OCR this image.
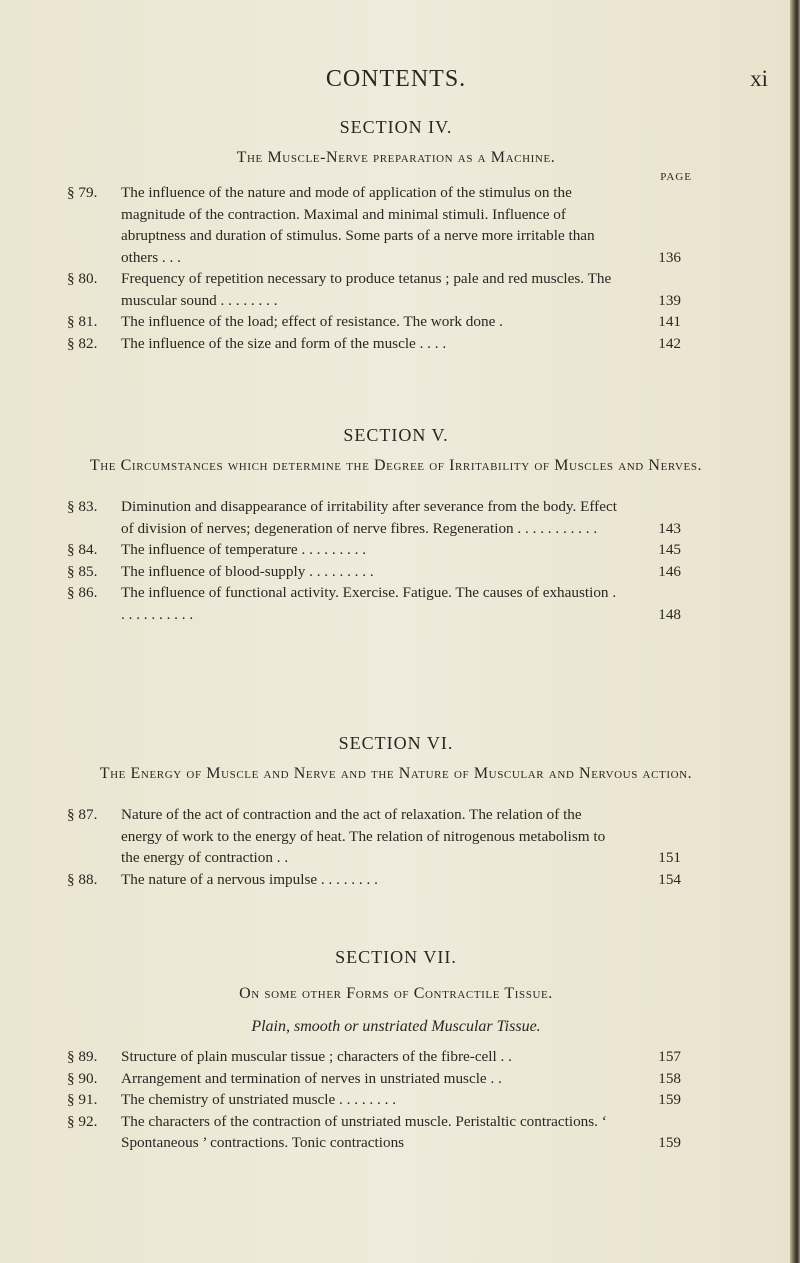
CONTENTS.	xi
SECTION IV.
The Muscle-Nerve preparation as a Machine.
PAGE
§ 79.	The influence of the nature and mode of application of the stimulus on the magnitude of the contraction. Maximal and minimal stimuli. Influence of abruptness and duration of stimulus. Some parts of a nerve more irritable than others . . .	136
§ 80.	Frequency of repetition necessary to produce tetanus ; pale and red muscles. The muscular sound . . . . . . . .	139
§ 81.	The influence of the load; effect of resistance. The work done .	141
§ 82.	The influence of the size and form of the muscle . . . .	142
SECTION V.
The Circumstances which determine the Degree of Irritability of Muscles and Nerves.
§ 83.	Diminution and disappearance of irritability after severance from the body. Effect of division of nerves; degeneration of nerve fibres. Regeneration . . . . . . . . . . .	143
§ 84.	The influence of temperature . . . . . . . . .	145
§ 85.	The influence of blood-supply . . . . . . . . .	146
§ 86.	The influence of functional activity. Exercise. Fatigue. The causes of exhaustion . . . . . . . . . . .	148
SECTION VI.
The Energy of Muscle and Nerve and the Nature of Muscular and Nervous action.
§ 87.	Nature of the act of contraction and the act of relaxation. The relation of the energy of work to the energy of heat. The relation of nitrogenous metabolism to the energy of contraction . .	151
§ 88.	The nature of a nervous impulse . . . . . . . .	154
SECTION VII.
On some other Forms of Contractile Tissue.
Plain, smooth or unstriated Muscular Tissue.
§ 89.	Structure of plain muscular tissue ; characters of the fibre-cell . .	157
§ 90.	Arrangement and termination of nerves in unstriated muscle . .	158
§ 91.	The chemistry of unstriated muscle . . . . . . . .	159
§ 92.	The characters of the contraction of unstriated muscle. Peristaltic contractions. ‘ Spontaneous ’ contractions. Tonic contractions	159
